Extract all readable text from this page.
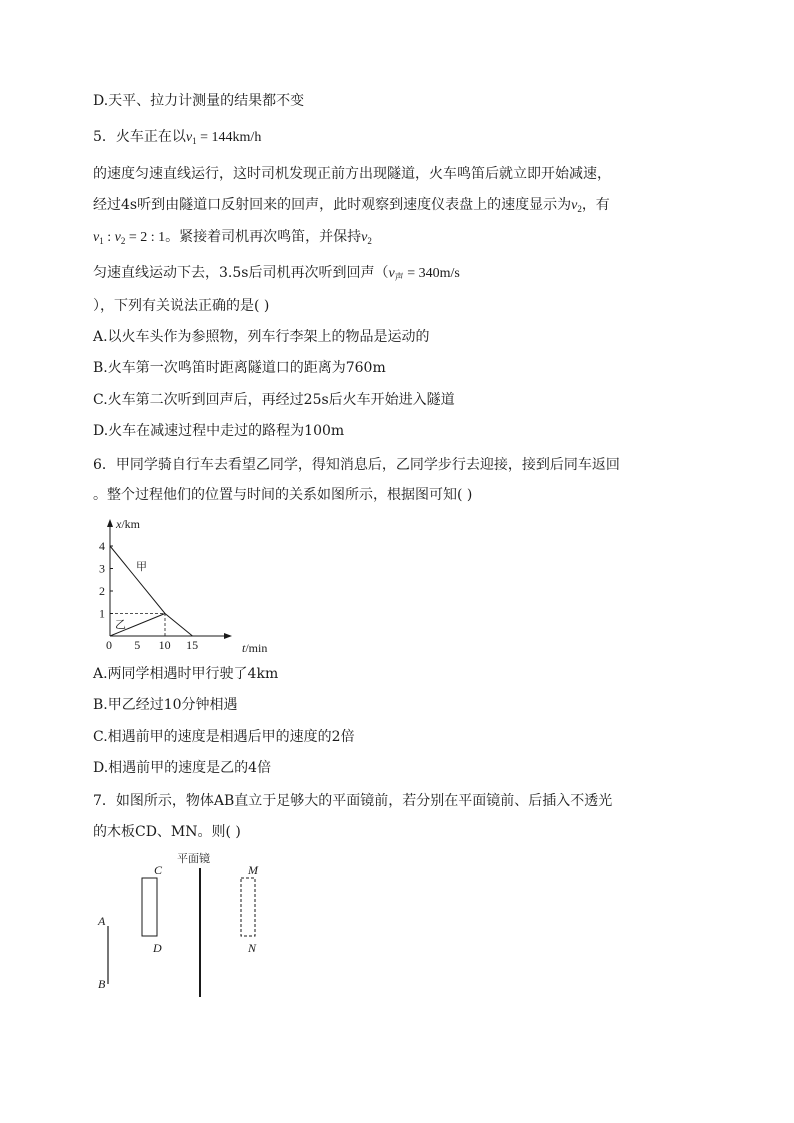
D.天平、拉力计测量的结果都不变
5．火车正在以$v_1 = 144km/h$
的速度匀速直线运行，这时司机发现正前方出现隧道，火车鸣笛后就立即开始减速，
经过4s听到由隧道口反射回来的回声，此时观察到速度仪表盘上的速度显示为$v_2$，有
$v_1$ : $v_2 = 2$ : 1。紧接着司机再次鸣笛，并保持$v_2$
匀速直线运动下去，3.5s后司机再次听到回声（$v_声 = 340m/s$
），下列有关说法正确的是( )
A.以火车头作为参照物，列车行李架上的物品是运动的
B.火车第一次鸣笛时距离隧道口的距离为760m
C.火车第二次听到回声后，再经过25s后火车开始进入隧道
D.火车在减速过程中走过的路程为100m
6．甲同学骑自行车去看望乙同学，得知消息后，乙同学步行去迎接，接到后同车返回
。整个过程他们的位置与时间的关系如图所示，根据图可知( )
x/km
t/min
1
2
3
4
0 5 10 15
甲
乙
平面镜
A
B
C
D
M
N
A.两同学相遇时甲行驶了4km
B.甲乙经过10分钟相遇
C.相遇前甲的速度是相遇后甲的速度的2倍
D.相遇前甲的速度是乙的4倍
7．如图所示，物体AB直立于足够大的平面镜前，若分别在平面镜前、后插入不透光
的木板CD、MN。则( )
